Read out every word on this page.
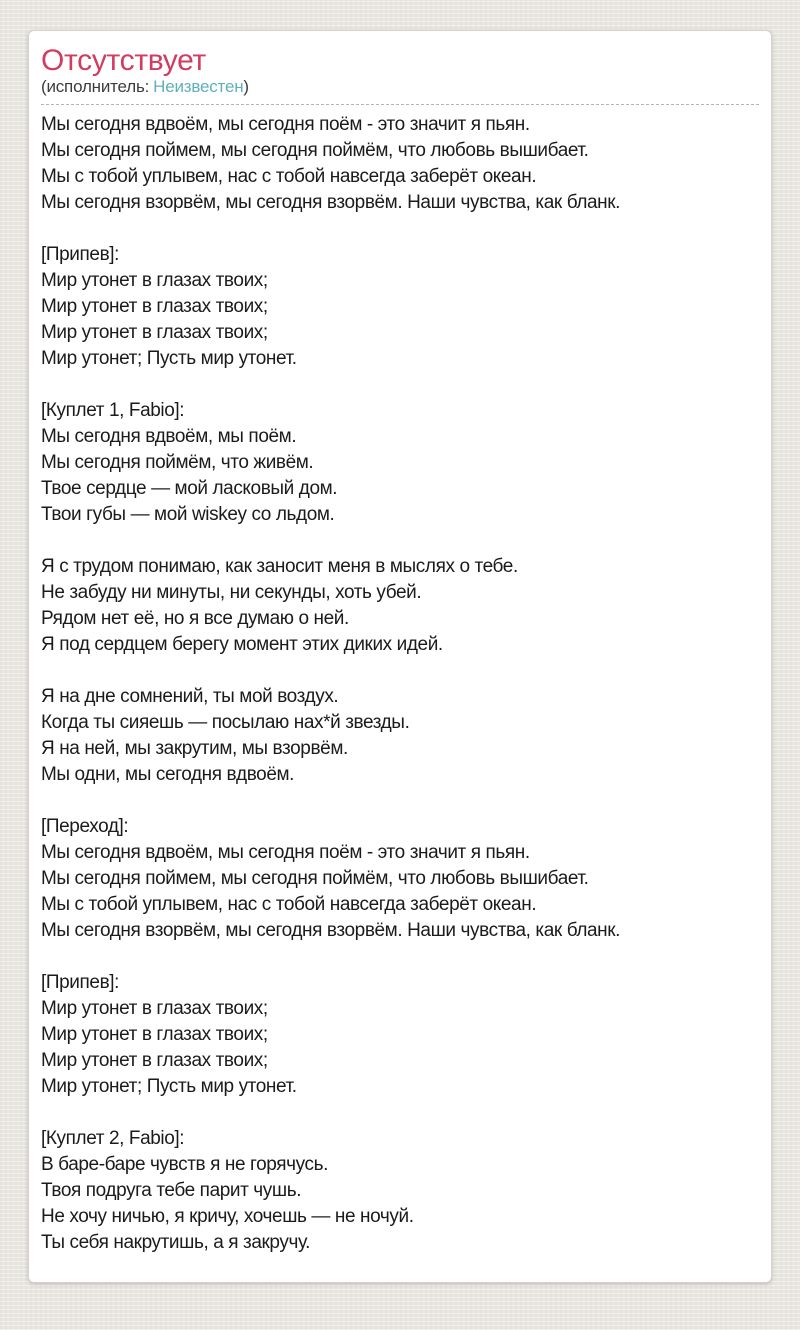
Отсутствует
(исполнитель: Неизвестен)

Мы сегодня вдвоём, мы сегодня поём - это значит я пьян.

Мы сегодня поймем, мы сегодня поймём, что любовь вышибает.

Мы с тобой уплывем, нас с тобой навсегда заберёт океан.

Мы сегодня взорвём, мы сегодня взорвём. Наши чувства, как бланк.

[Припев]:

Мир утонет в глазах твоих;

Мир утонет в глазах твоих;

Мир утонет в глазах твоих;

Мир утонет; Пусть мир утонет.

[Куплет 1, Fabio]:

Мы сегодня вдвоём, мы поём.

Мы сегодня поймём, что живём.

Твое сердце — мой ласковый дом.

Твои губы — мой wiskey со льдом.

Я с трудом понимаю, как заносит меня в мыслях о тебе.

Не забуду ни минуты, ни секунды, хоть убей.

Рядом нет её, но я все думаю о ней.

Я под сердцем берегу момент этих диких идей.

Я на дне сомнений, ты мой воздух.

Когда ты сияешь — посылаю нах*й звезды.

Я на ней, мы закрутим, мы взорвём.

Мы одни, мы сегодня вдвоём.

[Переход]:

Мы сегодня вдвоём, мы сегодня поём - это значит я пьян.

Мы сегодня поймем, мы сегодня поймём, что любовь вышибает.

Мы с тобой уплывем, нас с тобой навсегда заберёт океан.

Мы сегодня взорвём, мы сегодня взорвём. Наши чувства, как бланк.

[Припев]:

Мир утонет в глазах твоих;

Мир утонет в глазах твоих;

Мир утонет в глазах твоих;

Мир утонет; Пусть мир утонет.

[Куплет 2, Fabio]:

В баре-баре чувств я не горячусь.

Твоя подруга тебе парит чушь.

Не хочу ничью, я кричу, хочешь — не ночуй.

Ты себя накрутишь, а я закручу.
